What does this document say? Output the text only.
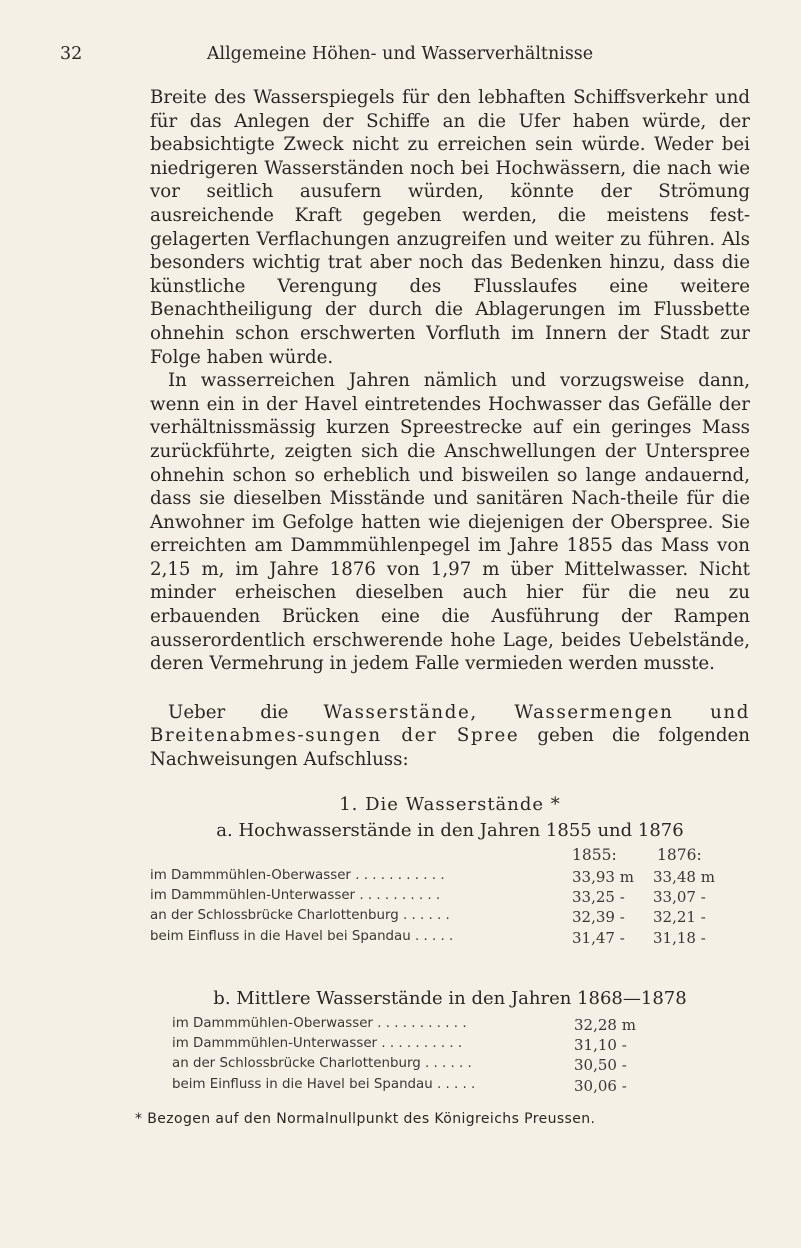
32	Allgemeine Höhen- und Wasserverhältnisse

Breite des Wasserspiegels für den lebhaften Schiffsverkehr und für das Anlegen der Schiffe an die Ufer haben würde, der beabsichtigte Zweck nicht zu erreichen sein würde. Weder bei niedrigeren Wasserständen noch bei Hochwässern, die nach wie vor seitlich ausufern würden, könnte der Strömung ausreichende Kraft gegeben werden, die meistens fest-gelagerten Verflachungen anzugreifen und weiter zu führen. Als besonders wichtig trat aber noch das Bedenken hinzu, dass die künstliche Verengung des Flusslaufes eine weitere Benachtheiligung der durch die Ablagerungen im Flussbette ohnehin schon erschwerten Vorfluth im Innern der Stadt zur Folge haben würde.

In wasserreichen Jahren nämlich und vorzugsweise dann, wenn ein in der Havel eintretendes Hochwasser das Gefälle der verhältnissmässig kurzen Spreestrecke auf ein geringes Mass zurückführte, zeigten sich die Anschwellungen der Unterspree ohnehin schon so erheblich und bisweilen so lange andauernd, dass sie dieselben Misstände und sanitären Nach-theile für die Anwohner im Gefolge hatten wie diejenigen der Oberspree. Sie erreichten am Dammmühlenpegel im Jahre 1855 das Mass von 2,15 m, im Jahre 1876 von 1,97 m über Mittelwasser. Nicht minder erheischen dieselben auch hier für die neu zu erbauenden Brücken eine die Ausführung der Rampen ausserordentlich erschwerende hohe Lage, beides Uebelstände, deren Vermehrung in jedem Falle vermieden werden musste.

Ueber die Wasserstände, Wassermengen und Breitenabmes-sungen der Spree geben die folgenden Nachweisungen Aufschluss:

1. Die Wasserstände *
a. Hochwasserstände in den Jahren 1855 und 1876
1855:	1876:
im Dammmühlen-Oberwasser . . . . . . . . . . .	33,93 m 33,48 m
im Dammmühlen-Unterwasser . . . . . . . . . .	33,25 - 33,07 -
an der Schlossbrücke Charlottenburg . . . . . .	32,39 - 32,21 -
beim Einfluss in die Havel bei Spandau . . . . .	31,47 - 31,18 -
b. Mittlere Wasserstände in den Jahren 1868—1878
im Dammmühlen-Oberwasser . . . . . . . . . . .	32,28 m
im Dammmühlen-Unterwasser . . . . . . . . . .	31,10 -
an der Schlossbrücke Charlottenburg . . . . . .	30,50 -
beim Einfluss in die Havel bei Spandau . . . . .	30,06 -
* Bezogen auf den Normalnullpunkt des Königreichs Preussen.
